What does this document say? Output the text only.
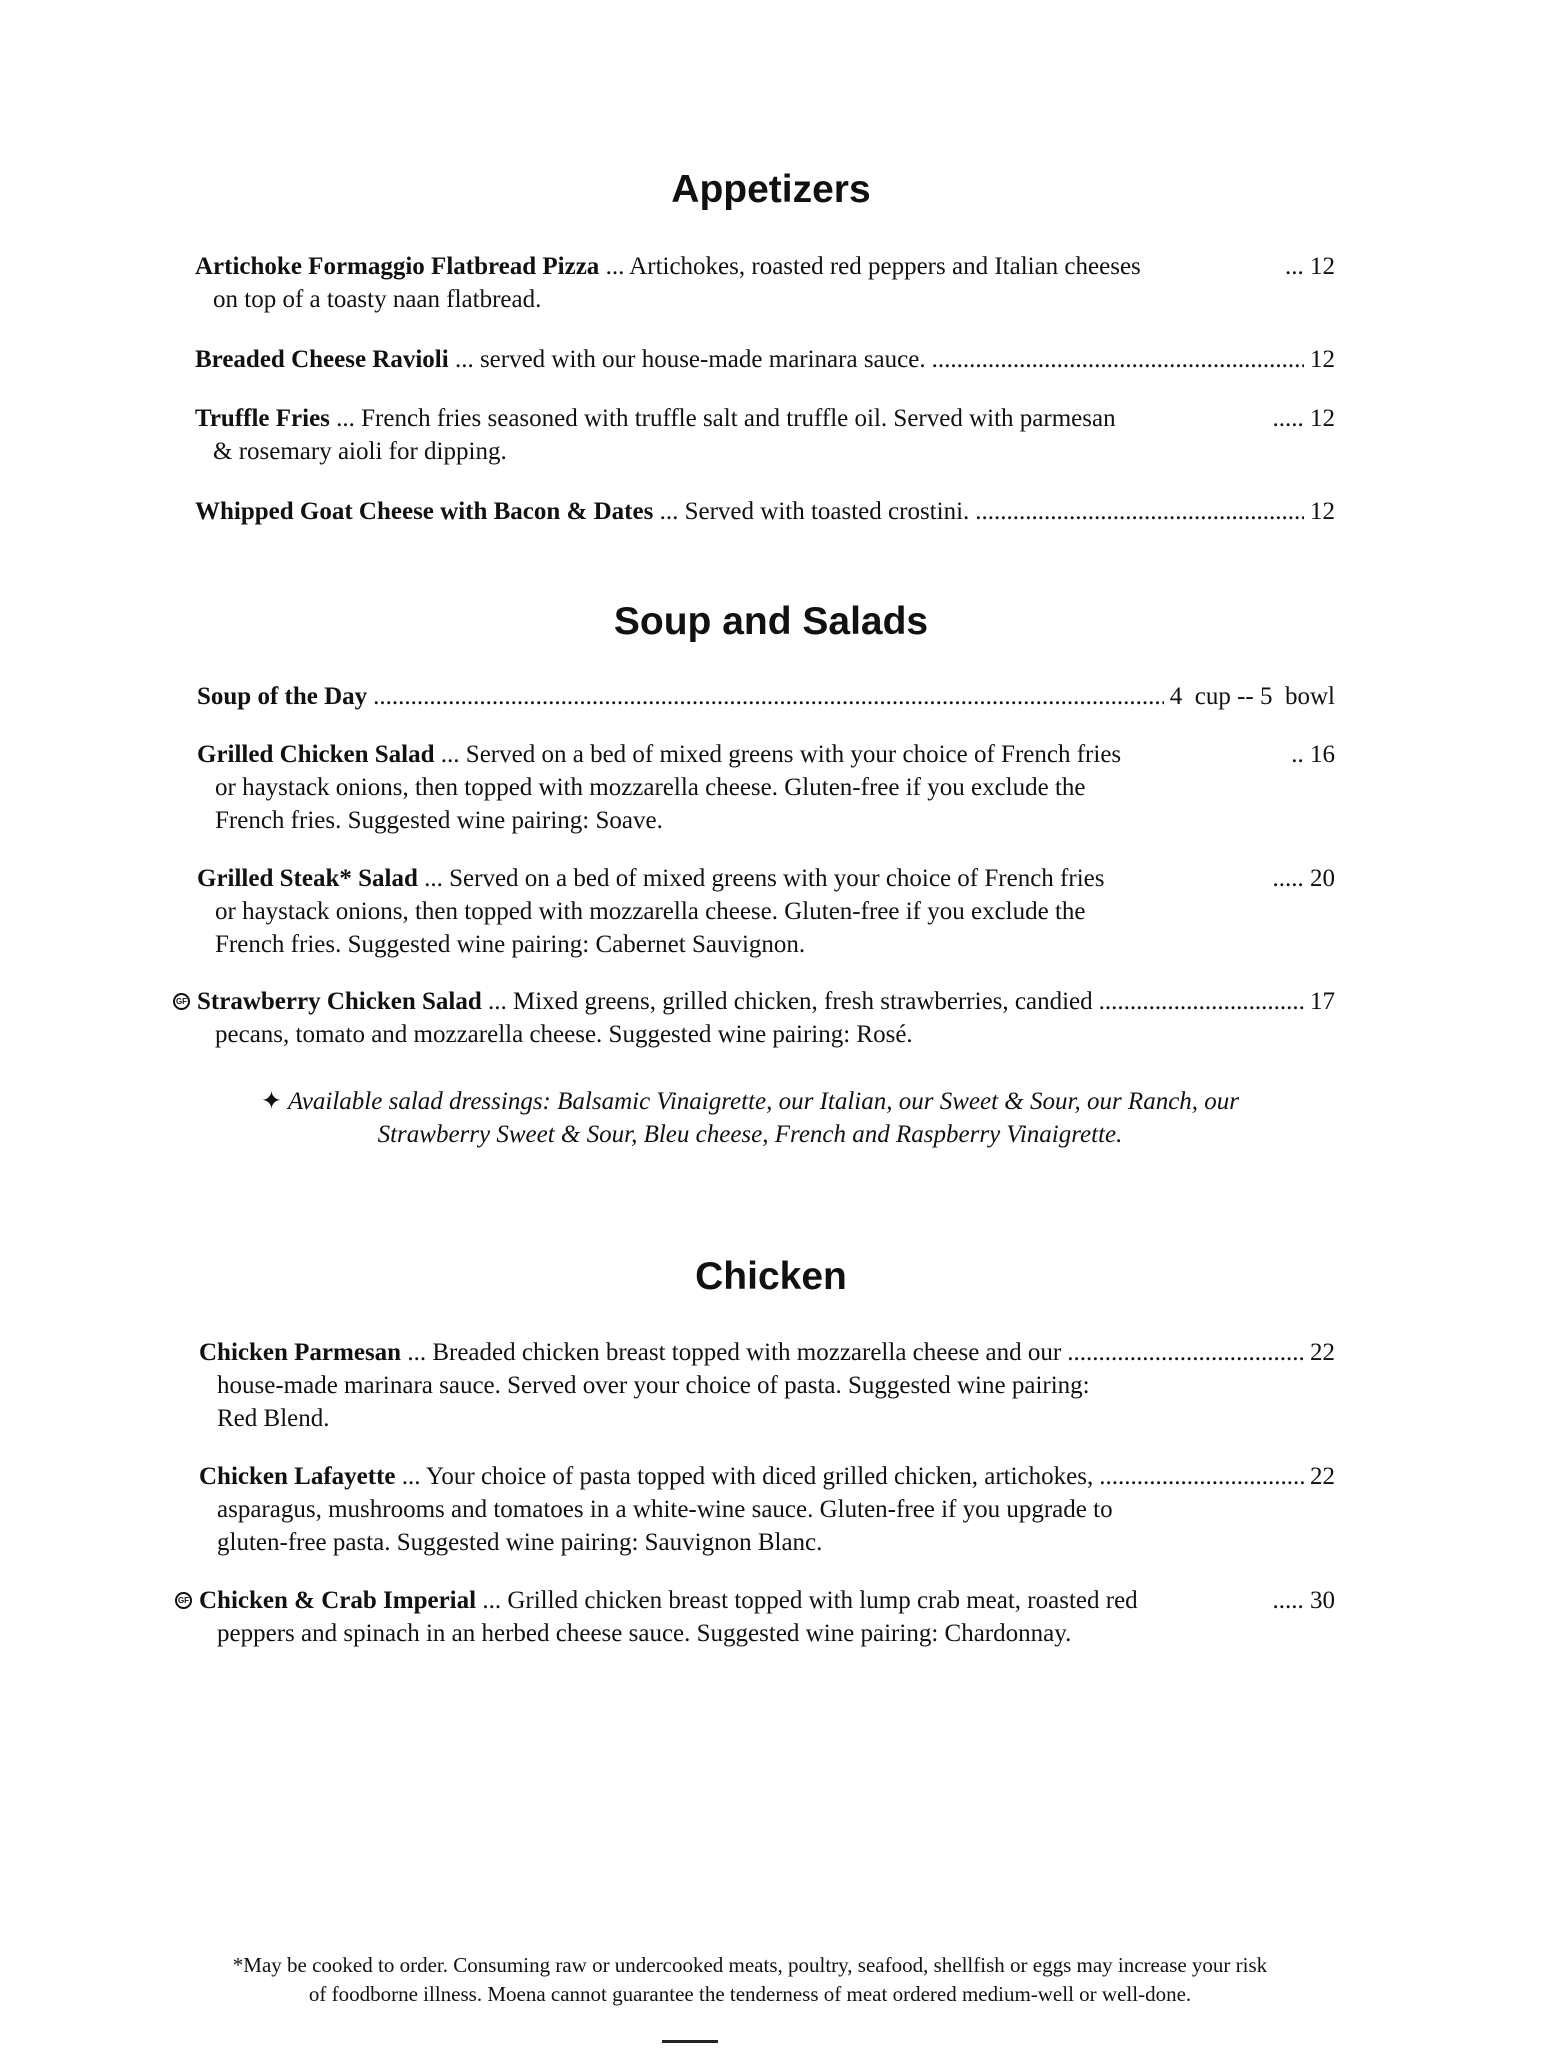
Appetizers
Artichoke Formaggio Flatbread Pizza ... Artichokes, roasted red peppers and Italian cheeses	... 12
on top of a toasty naan flatbread.
Breaded Cheese Ravioli ... served with our house-made marinara sauce. .....	12
Truffle Fries ... French fries seasoned with truffle salt and truffle oil. Served with parmesan	..... 12
& rosemary aioli for dipping.
Whipped Goat Cheese with Bacon & Dates ... Served with toasted crostini. .....	12
Soup and Salads
Soup of the Day .....	4  cup -- 5  bowl
Grilled Chicken Salad ... Served on a bed of mixed greens with your choice of French fries	.. 16
or haystack onions, then topped with mozzarella cheese. Gluten-free if you exclude the
French fries. Suggested wine pairing: Soave.
Grilled Steak* Salad ... Served on a bed of mixed greens with your choice of French fries	..... 20
or haystack onions, then topped with mozzarella cheese. Gluten-free if you exclude the
French fries. Suggested wine pairing: Cabernet Sauvignon.
GF Strawberry Chicken Salad ... Mixed greens, grilled chicken, fresh strawberries, candied .....	17
pecans, tomato and mozzarella cheese. Suggested wine pairing: Rosé.
✦ Available salad dressings: Balsamic Vinaigrette, our Italian, our Sweet & Sour, our Ranch, our
Strawberry Sweet & Sour, Bleu cheese, French and Raspberry Vinaigrette.
Chicken
Chicken Parmesan ... Breaded chicken breast topped with mozzarella cheese and our .....	22
house-made marinara sauce. Served over your choice of pasta. Suggested wine pairing:
Red Blend.
Chicken Lafayette ... Your choice of pasta topped with diced grilled chicken, artichokes, .....	22
asparagus, mushrooms and tomatoes in a white-wine sauce. Gluten-free if you upgrade to
gluten-free pasta. Suggested wine pairing: Sauvignon Blanc.
GF Chicken & Crab Imperial ... Grilled chicken breast topped with lump crab meat, roasted red	..... 30
peppers and spinach in an herbed cheese sauce. Suggested wine pairing: Chardonnay.
*May be cooked to order. Consuming raw or undercooked meats, poultry, seafood, shellfish or eggs may increase your risk
of foodborne illness. Moena cannot guarantee the tenderness of meat ordered medium-well or well-done.
